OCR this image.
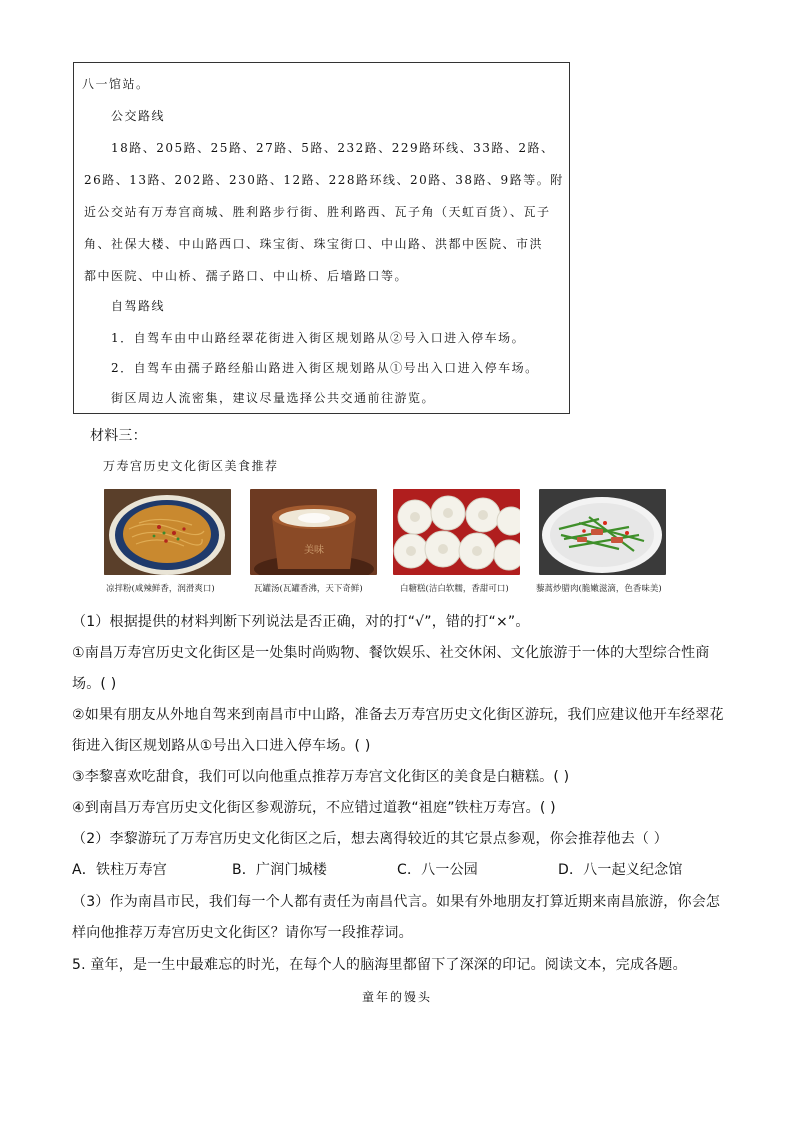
八一馆站。
公交路线
18路、205路、25路、27路、5路、232路、229路环线、33路、2路、
26路、13路、202路、230路、12路、228路环线、20路、38路、9路等。附
近公交站有万寿宫商城、胜利路步行街、胜利路西、瓦子角（天虹百货）、瓦子
角、社保大楼、中山路西口、珠宝街、珠宝街口、中山路、洪都中医院、市洪
都中医院、中山桥、孺子路口、中山桥、后墙路口等。
自驾路线
1．自驾车由中山路经翠花街进入街区规划路从②号入口进入停车场。
2．自驾车由孺子路经船山路进入街区规划路从①号出入口进入停车场。
街区周边人流密集，建议尽量选择公共交通前往游览。
材料三：
万寿宫历史文化街区美食推荐
美味
凉拌粉(咸辣鲜香，润滑爽口)	瓦罐汤(瓦罐香沸，天下奇鲜)	白糖糕(洁白软糯，香甜可口)	藜蒿炒腊肉(脆嫩滋滴，色香味美)
（1）根据提供的材料判断下列说法是否正确，对的打“√”，错的打“×”。
①南昌万寿宫历史文化街区是一处集时尚购物、餐饮娱乐、社交休闲、文化旅游于一体的大型综合性商
场。( )
②如果有朋友从外地自驾来到南昌市中山路，准备去万寿宫历史文化街区游玩，我们应建议他开车经翠花
街进入街区规划路从①号出入口进入停车场。( )
③李黎喜欢吃甜食，我们可以向他重点推荐万寿宫文化街区的美食是白糖糕。( )
④到南昌万寿宫历史文化街区参观游玩，不应错过道教“祖庭”铁柱万寿宫。( )
（2）李黎游玩了万寿宫历史文化街区之后，想去离得较近的其它景点参观，你会推荐他去（ ）
A．铁柱万寿宫	B．广润门城楼	C．八一公园	D．八一起义纪念馆
（3）作为南昌市民，我们每一个人都有责任为南昌代言。如果有外地朋友打算近期来南昌旅游，你会怎
样向他推荐万寿宫历史文化街区？请你写一段推荐词。
5. 童年，是一生中最难忘的时光，在每个人的脑海里都留下了深深的印记。阅读文本，完成各题。
童年的馒头
